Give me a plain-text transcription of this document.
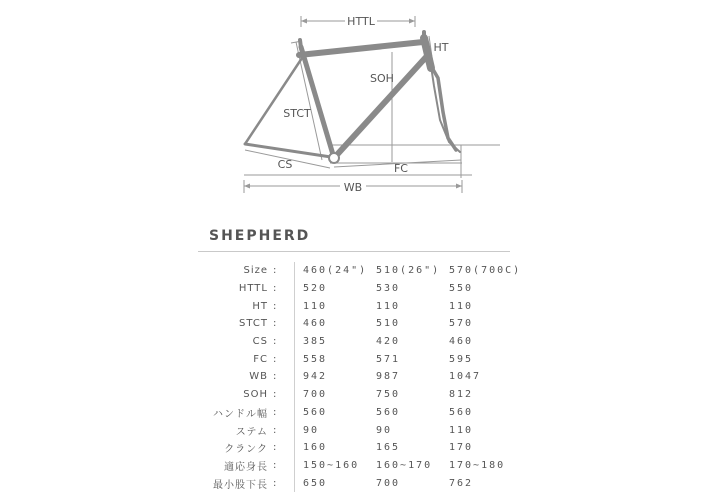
HTTL
HT
SOH
STCT
CS	FC
WB
SHEPHERD
Size	:	460(24")	510(26")	570(700C)
HTTL	:	520	530	550
HT	:	110	110	110
STCT	:	460	510	570
CS	:	385	420	460
FC	:	558	571	595
WB	:	942	987	1047
SOH	:	700	750	812
ハンドル幅	:	560	560	560
ステム	:	90	90	110
クランク	:	160	165	170
適応身長	:	150~160	160~170	170~180
最小股下長	:	650	700	762
